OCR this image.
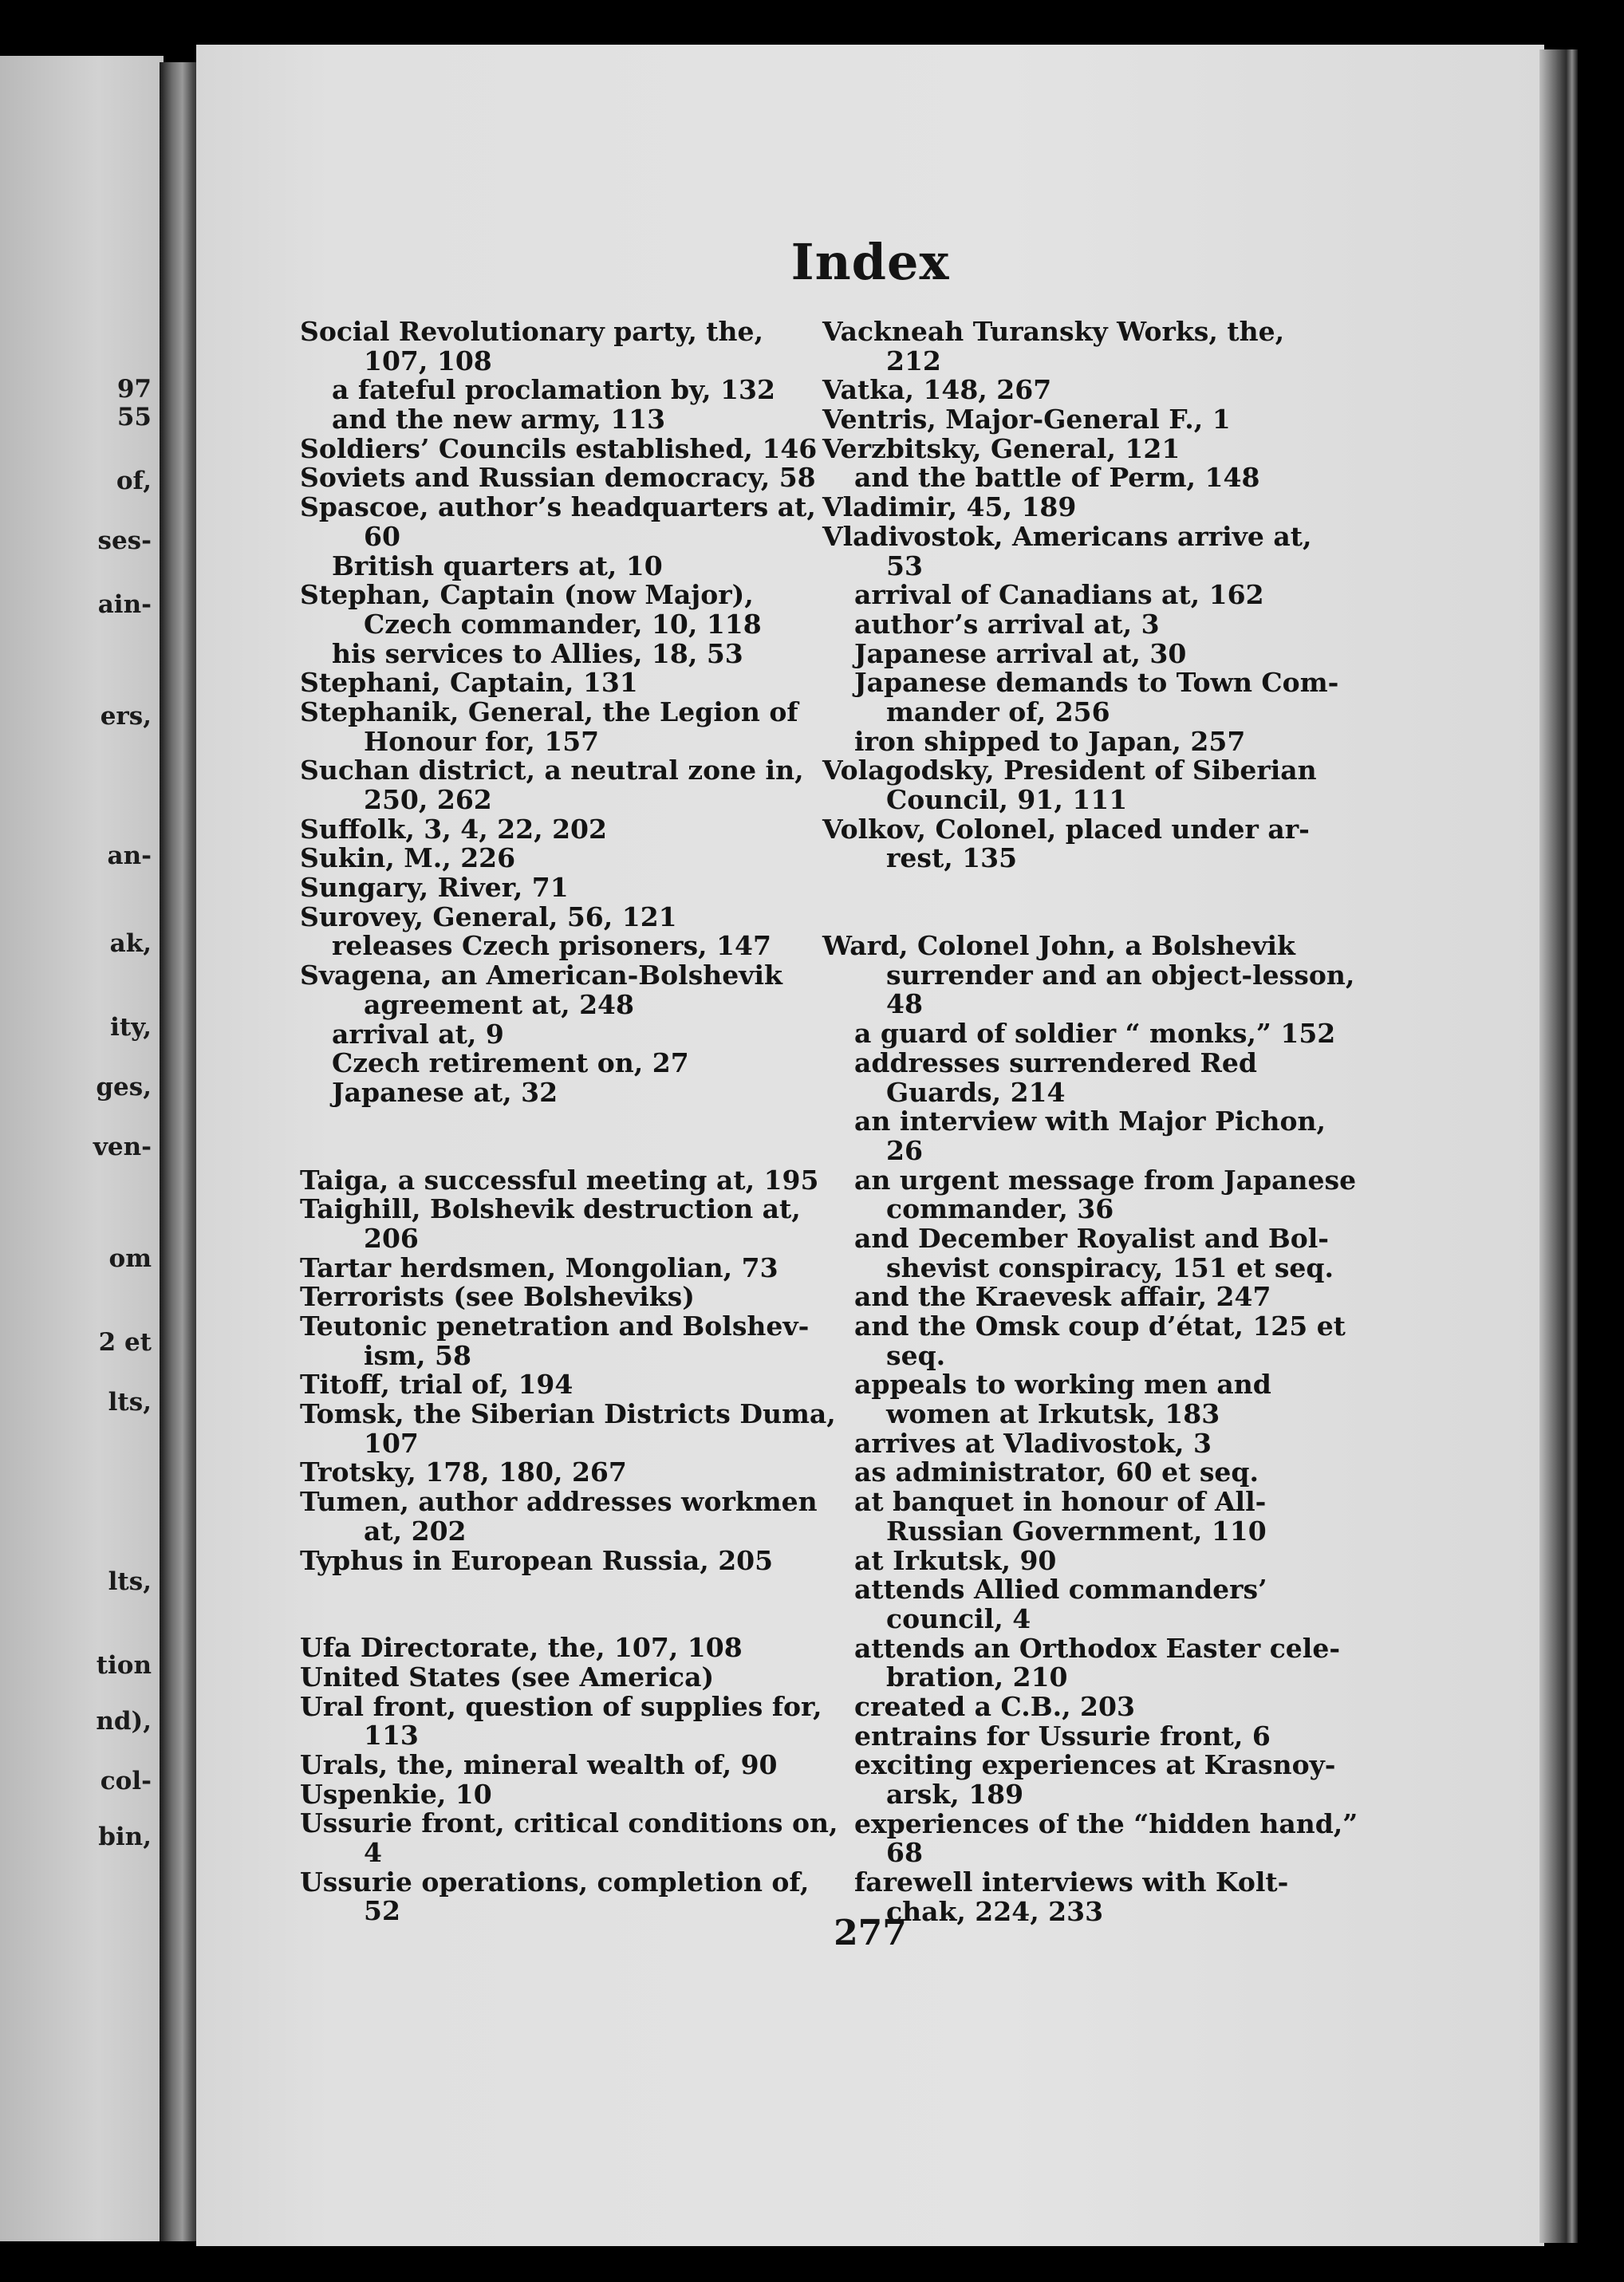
97
55
of,
ses-
ain-
ers,
an-
ak,
ity,
ges,
ven-
om
2 et
lts,
lts,
tion
nd),
col-
bin,
Index
Social Revolutionary party, the,
107, 108
a fateful proclamation by, 132
and the new army, 113
Soldiers’ Councils established, 146
Soviets and Russian democracy, 58
Spascoe, author’s headquarters at,
60
British quarters at, 10
Stephan, Captain (now Major),
Czech commander, 10, 118
his services to Allies, 18, 53
Stephani, Captain, 131
Stephanik, General, the Legion of
Honour for, 157
Suchan district, a neutral zone in,
250, 262
Suffolk, 3, 4, 22, 202
Sukin, M., 226
Sungary, River, 71
Surovey, General, 56, 121
releases Czech prisoners, 147
Svagena, an American-Bolshevik
agreement at, 248
arrival at, 9
Czech retirement on, 27
Japanese at, 32
Taiga, a successful meeting at, 195
Taighill, Bolshevik destruction at,
206
Tartar herdsmen, Mongolian, 73
Terrorists (see Bolsheviks)
Teutonic penetration and Bolshev-
ism, 58
Titoff, trial of, 194
Tomsk, the Siberian Districts Duma,
107
Trotsky, 178, 180, 267
Tumen, author addresses workmen
at, 202
Typhus in European Russia, 205
Ufa Directorate, the, 107, 108
United States (see America)
Ural front, question of supplies for,
113
Urals, the, mineral wealth of, 90
Uspenkie, 10
Ussurie front, critical conditions on,
4
Ussurie operations, completion of,
52
Vackneah Turansky Works, the,
212
Vatka, 148, 267
Ventris, Major-General F., 1
Verzbitsky, General, 121
and the battle of Perm, 148
Vladimir, 45, 189
Vladivostok, Americans arrive at,
53
arrival of Canadians at, 162
author’s arrival at, 3
Japanese arrival at, 30
Japanese demands to Town Com-
mander of, 256
iron shipped to Japan, 257
Volagodsky, President of Siberian
Council, 91, 111
Volkov, Colonel, placed under ar-
rest, 135
Ward, Colonel John, a Bolshevik
surrender and an object-lesson,
48
a guard of soldier “ monks,” 152
addresses surrendered Red
Guards, 214
an interview with Major Pichon,
26
an urgent message from Japanese
commander, 36
and December Royalist and Bol-
shevist conspiracy, 151 et seq.
and the Kraevesk affair, 247
and the Omsk coup d’état, 125 et
seq.
appeals to working men and
women at Irkutsk, 183
arrives at Vladivostok, 3
as administrator, 60 et seq.
at banquet in honour of All-
Russian Government, 110
at Irkutsk, 90
attends Allied commanders’
council, 4
attends an Orthodox Easter cele-
bration, 210
created a C.B., 203
entrains for Ussurie front, 6
exciting experiences at Krasnoy-
arsk, 189
experiences of the “hidden hand,”
68
farewell interviews with Kolt-
chak, 224, 233
277
